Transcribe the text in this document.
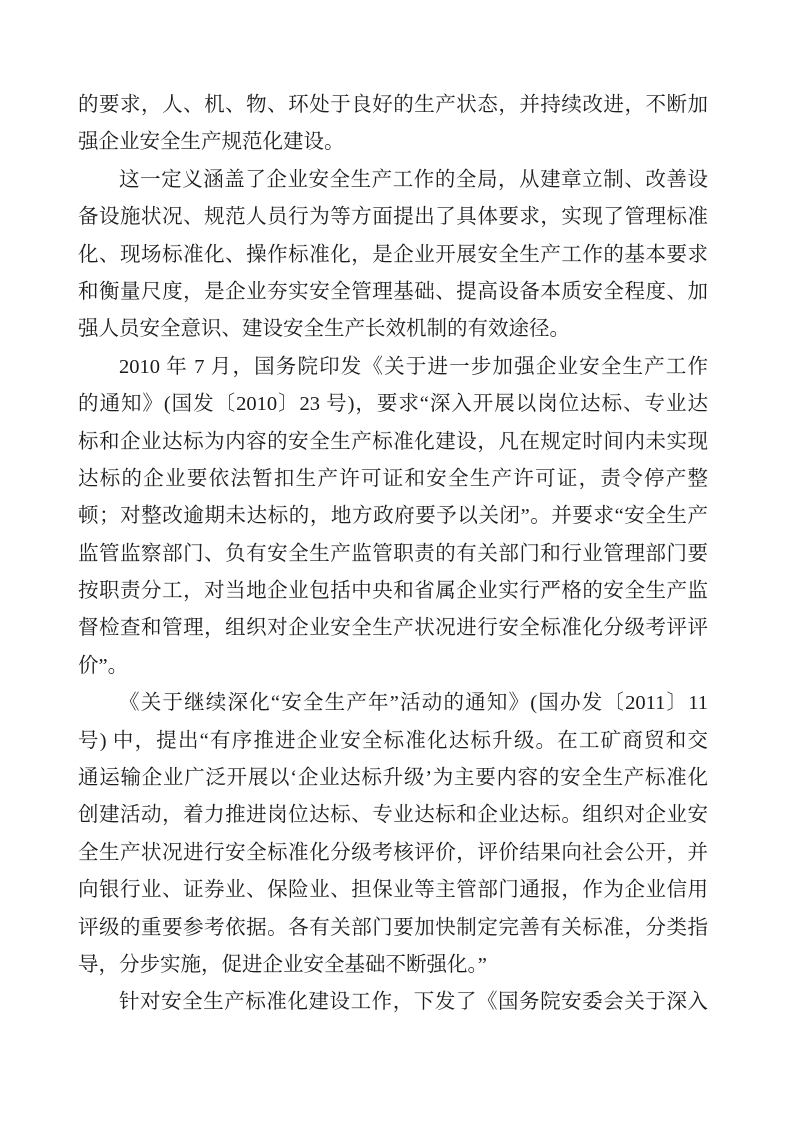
的要求，人、机、物、环处于良好的生产状态，并持续改进，不断加
强企业安全生产规范化建设。
这一定义涵盖了企业安全生产工作的全局，从建章立制、改善设
备设施状况、规范人员行为等方面提出了具体要求，实现了管理标准
化、现场标准化、操作标准化，是企业开展安全生产工作的基本要求
和衡量尺度，是企业夯实安全管理基础、提高设备本质安全程度、加
强人员安全意识、建设安全生产长效机制的有效途径。
2010 年 7 月，国务院印发《关于进一步加强企业安全生产工作
的通知》(国发〔2010〕23 号)，要求“深入开展以岗位达标、专业达
标和企业达标为内容的安全生产标准化建设，凡在规定时间内未实现
达标的企业要依法暂扣生产许可证和安全生产许可证，责令停产整
顿；对整改逾期未达标的，地方政府要予以关闭”。并要求“安全生产
监管监察部门、负有安全生产监管职责的有关部门和行业管理部门要
按职责分工，对当地企业包括中央和省属企业实行严格的安全生产监
督检查和管理，组织对企业安全生产状况进行安全标准化分级考评评
价”。
《关于继续深化“安全生产年”活动的通知》(国办发〔2011〕11
号) 中，提出“有序推进企业安全标准化达标升级。在工矿商贸和交
通运输企业广泛开展以‘企业达标升级’为主要内容的安全生产标准化
创建活动，着力推进岗位达标、专业达标和企业达标。组织对企业安
全生产状况进行安全标准化分级考核评价，评价结果向社会公开，并
向银行业、证券业、保险业、担保业等主管部门通报，作为企业信用
评级的重要参考依据。各有关部门要加快制定完善有关标准，分类指
导，分步实施，促进企业安全基础不断强化。”
针对安全生产标准化建设工作，下发了《国务院安委会关于深入
